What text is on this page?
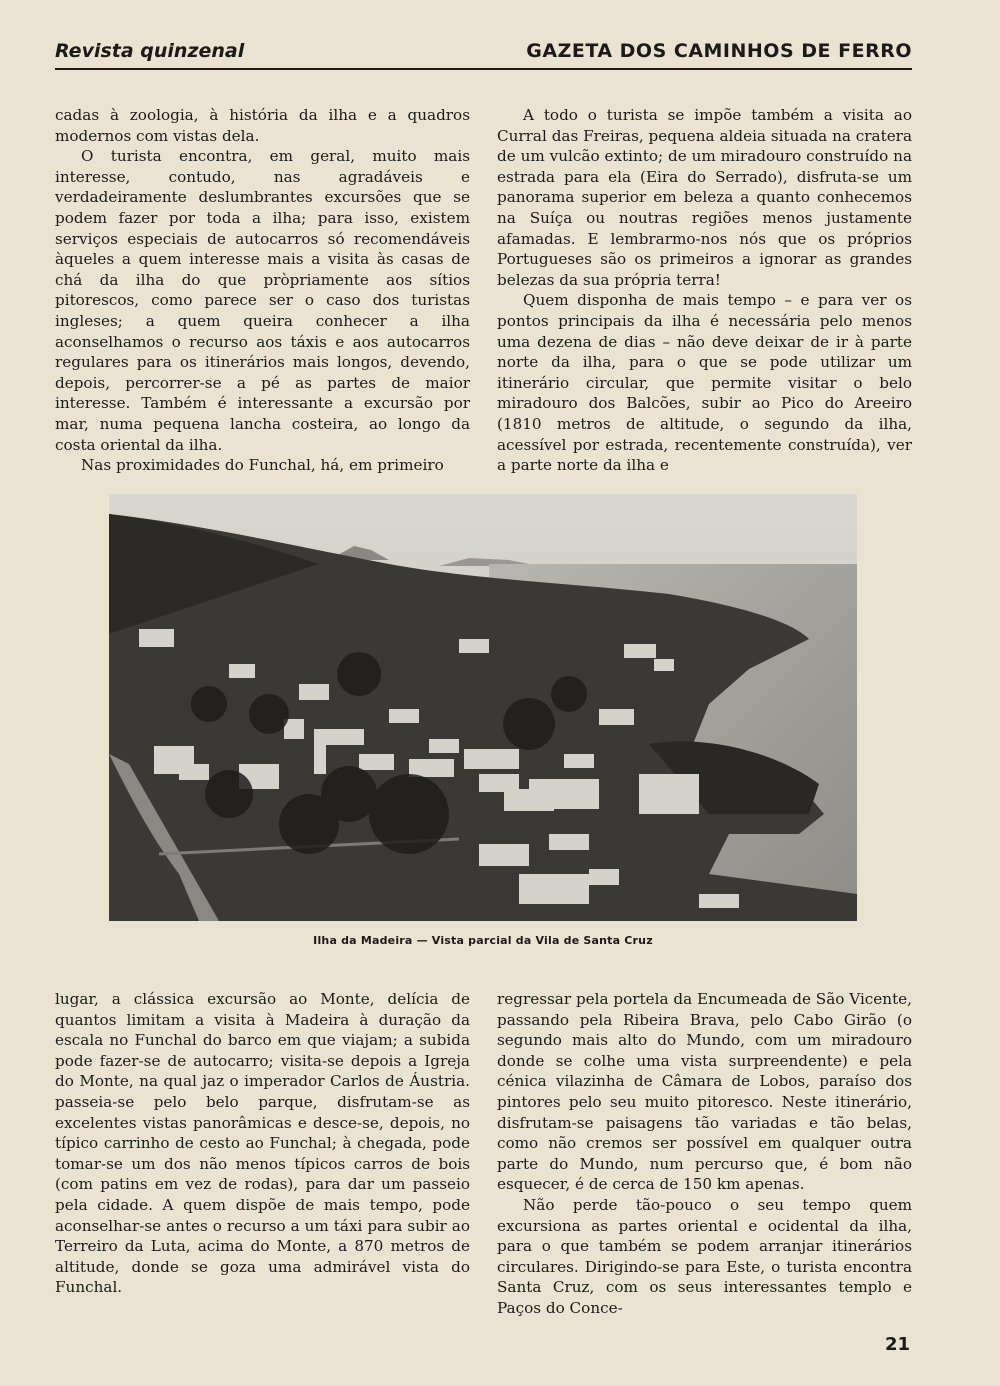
Revista quinzenal	GAZETA DOS CAMINHOS DE FERRO

cadas à zoologia, à história da ilha e a quadros modernos com vistas dela.

O turista encontra, em geral, muito mais interesse, contudo, nas agradáveis e verdadeiramente deslumbrantes excursões que se podem fazer por toda a ilha; para isso, existem serviços especiais de autocarros só recomendáveis àqueles a quem interesse mais a visita às casas de chá da ilha do que pròpriamente aos sítios pitorescos, como parece ser o caso dos turistas ingleses; a quem queira conhecer a ilha aconselhamos o recurso aos táxis e aos autocarros regulares para os itinerários mais longos, devendo, depois, percorrer-se a pé as partes de maior interesse. Também é interessante a excursão por mar, numa pequena lancha costeira, ao longo da costa oriental da ilha.

Nas proximidades do Funchal, há, em primeiro

A todo o turista se impõe também a visita ao Curral das Freiras, pequena aldeia situada na cratera de um vulcão extinto; de um miradouro construído na estrada para ela (Eira do Serrado), disfruta-se um panorama superior em beleza a quanto conhecemos na Suíça ou noutras regiões menos justamente afamadas. E lembrarmo-nos nós que os próprios Portugueses são os primeiros a ignorar as grandes belezas da sua própria terra!

Quem disponha de mais tempo – e para ver os pontos principais da ilha é necessária pelo menos uma dezena de dias – não deve deixar de ir à parte norte da ilha, para o que se pode utilizar um itinerário circular, que permite visitar o belo miradouro dos Balcões, subir ao Pico do Areeiro (1810 metros de altitude, o segundo da ilha, acessível por estrada, recentemente construída), ver a parte norte da ilha e

Ilha da Madeira — Vista parcial da Vila de Santa Cruz

lugar, a clássica excursão ao Monte, delícia de quantos limitam a visita à Madeira à duração da escala no Funchal do barco em que viajam; a subida pode fazer-se de autocarro; visita-se depois a Igreja do Monte, na qual jaz o imperador Carlos de Áustria. passeia-se pelo belo parque, disfrutam-se as excelentes vistas panorâmicas e desce-se, depois, no típico carrinho de cesto ao Funchal; à chegada, pode tomar-se um dos não menos típicos carros de bois (com patins em vez de rodas), para dar um passeio pela cidade. A quem dispõe de mais tempo, pode aconselhar-se antes o recurso a um táxi para subir ao Terreiro da Luta, acima do Monte, a 870 metros de altitude, donde se goza uma admirável vista do Funchal.

regressar pela portela da Encumeada de São Vicente, passando pela Ribeira Brava, pelo Cabo Girão (o segundo mais alto do Mundo, com um miradouro donde se colhe uma vista surpreendente) e pela cénica vilazinha de Câmara de Lobos, paraíso dos pintores pelo seu muito pitoresco. Neste itinerário, disfrutam-se paisagens tão variadas e tão belas, como não cremos ser possível em qualquer outra parte do Mundo, num percurso que, é bom não esquecer, é de cerca de 150 km apenas.

Não perde tão-pouco o seu tempo quem excursiona as partes oriental e ocidental da ilha, para o que também se podem arranjar itinerários circulares. Dirigindo-se para Este, o turista encontra Santa Cruz, com os seus interessantes templo e Paços do Conce-

21
